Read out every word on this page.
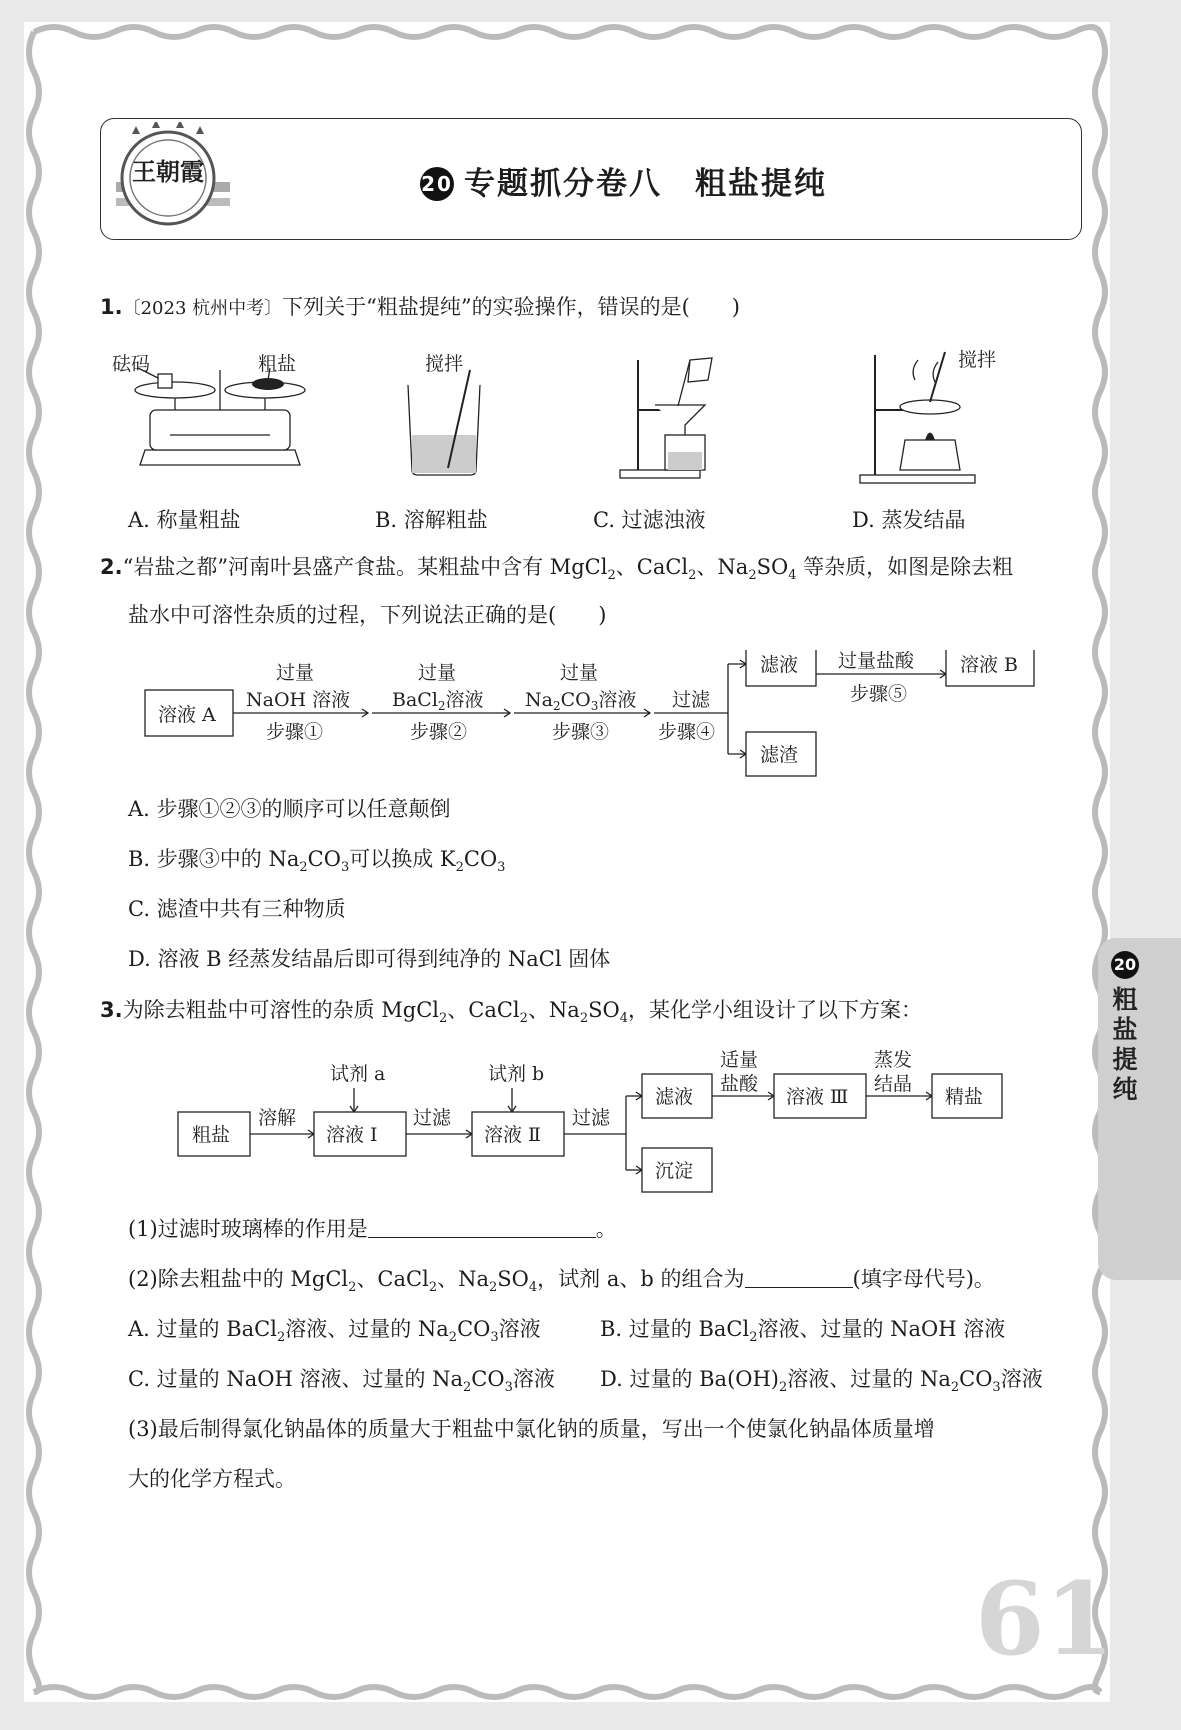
王朝霞	20 专题抓分卷八　粗盐提纯
1.〔2023 杭州中考〕下列关于“粗盐提纯”的实验操作，错误的是(　　)
砝码	粗盐	搅拌	搅拌
A. 称量粗盐	B. 溶解粗盐	C. 过滤浊液	D. 蒸发结晶
2.“岩盐之都”河南叶县盛产食盐。某粗盐中含有 MgCl$_2$、CaCl$_2$、$Na_2SO_4$ 等杂质，如图是除去粗
盐水中可溶性杂质的过程，下列说法正确的是(　　)
溶液 A
过量
NaOH 溶液
步骤①
过量
BaCl$_2$溶液
步骤②
过量
$Na_2CO_3$溶液
步骤③
过滤
步骤④
滤液
滤渣
过量盐酸
步骤⑤
溶液 B
A. 步骤①②③的顺序可以任意颠倒
B. 步骤③中的 $Na_2CO_3$可以换成 $K_2CO_3$
C. 滤渣中共有三种物质
D. 溶液 B 经蒸发结晶后即可得到纯净的 NaCl 固体
3.为除去粗盐中可溶性的杂质 MgCl$_2$、CaCl$_2$、$Na_2SO_4$，某化学小组设计了以下方案：
粗盐
溶解
试剂 a
溶液 Ⅰ
过滤
试剂 b
溶液 Ⅱ
过滤
滤液
沉淀
适量
盐酸
溶液 Ⅲ
蒸发
结晶
精盐
(1)过滤时玻璃棒的作用是	。
(2)除去粗盐中的 MgCl$_2$、CaCl$_2$、$Na_2SO_4$，试剂 a、b 的组合为	(填字母代号)。
A. 过量的 BaCl$_2$溶液、过量的 $Na_2CO_3$溶液	B. 过量的 BaCl$_2$溶液、过量的 NaOH 溶液
C. 过量的 NaOH 溶液、过量的 $Na_2CO_3$溶液 D. 过量的 $Ba(OH)_2$溶液、过量的 $Na_2CO_3$溶液
(3)最后制得氯化钠晶体的质量大于粗盐中氯化钠的质量，写出一个使氯化钠晶体质量增
大的化学方程式。
20
粗盐提纯
61
